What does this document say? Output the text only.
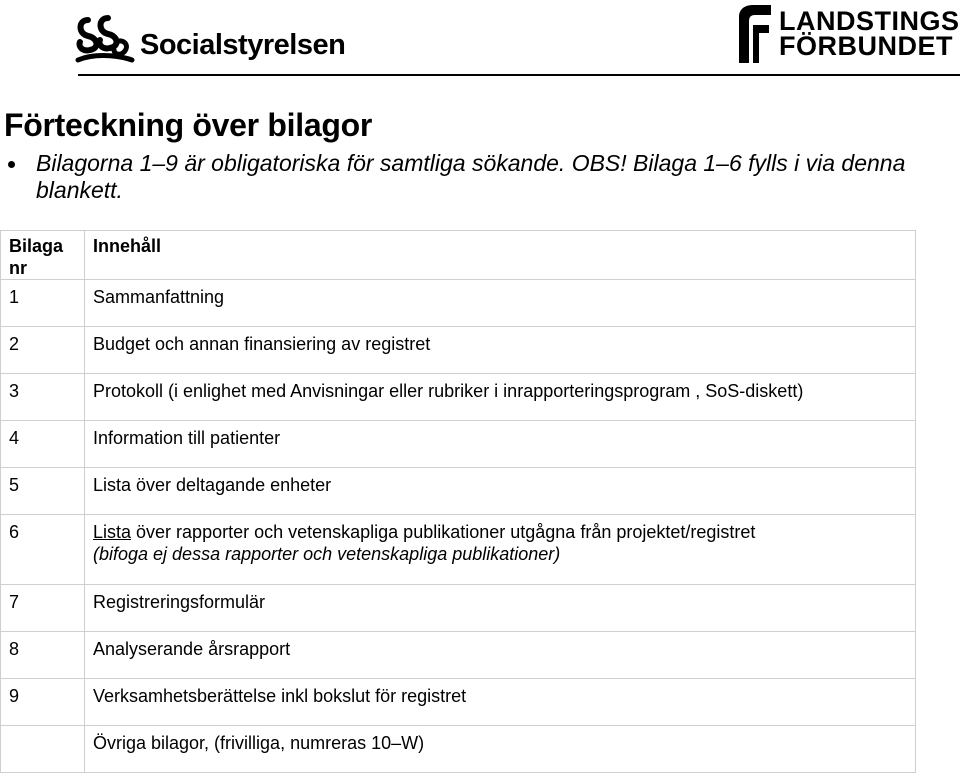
Socialstyrelsen
LANDSTINGS
FÖRBUNDET
Förteckning över bilagor
Bilagorna 1–9 är obligatoriska för samtliga sökande. OBS! Bilaga 1–6 fylls i via denna blankett.
Bilaga nr	Innehåll
1	Sammanfattning
2	Budget och annan finansiering av registret
3	Protokoll (i enlighet med Anvisningar eller rubriker i inrapporteringsprogram , SoS-diskett)
4	Information till patienter
5	Lista över deltagande enheter
6	Lista över rapporter och vetenskapliga publikationer utgågna från projektet/registret
(bifoga ej dessa rapporter och vetenskapliga publikationer)
7	Registreringsformulär
8	Analyserande årsrapport
9	Verksamhetsberättelse inkl bokslut för registret
	Övriga bilagor, (frivilliga, numreras 10–W)
